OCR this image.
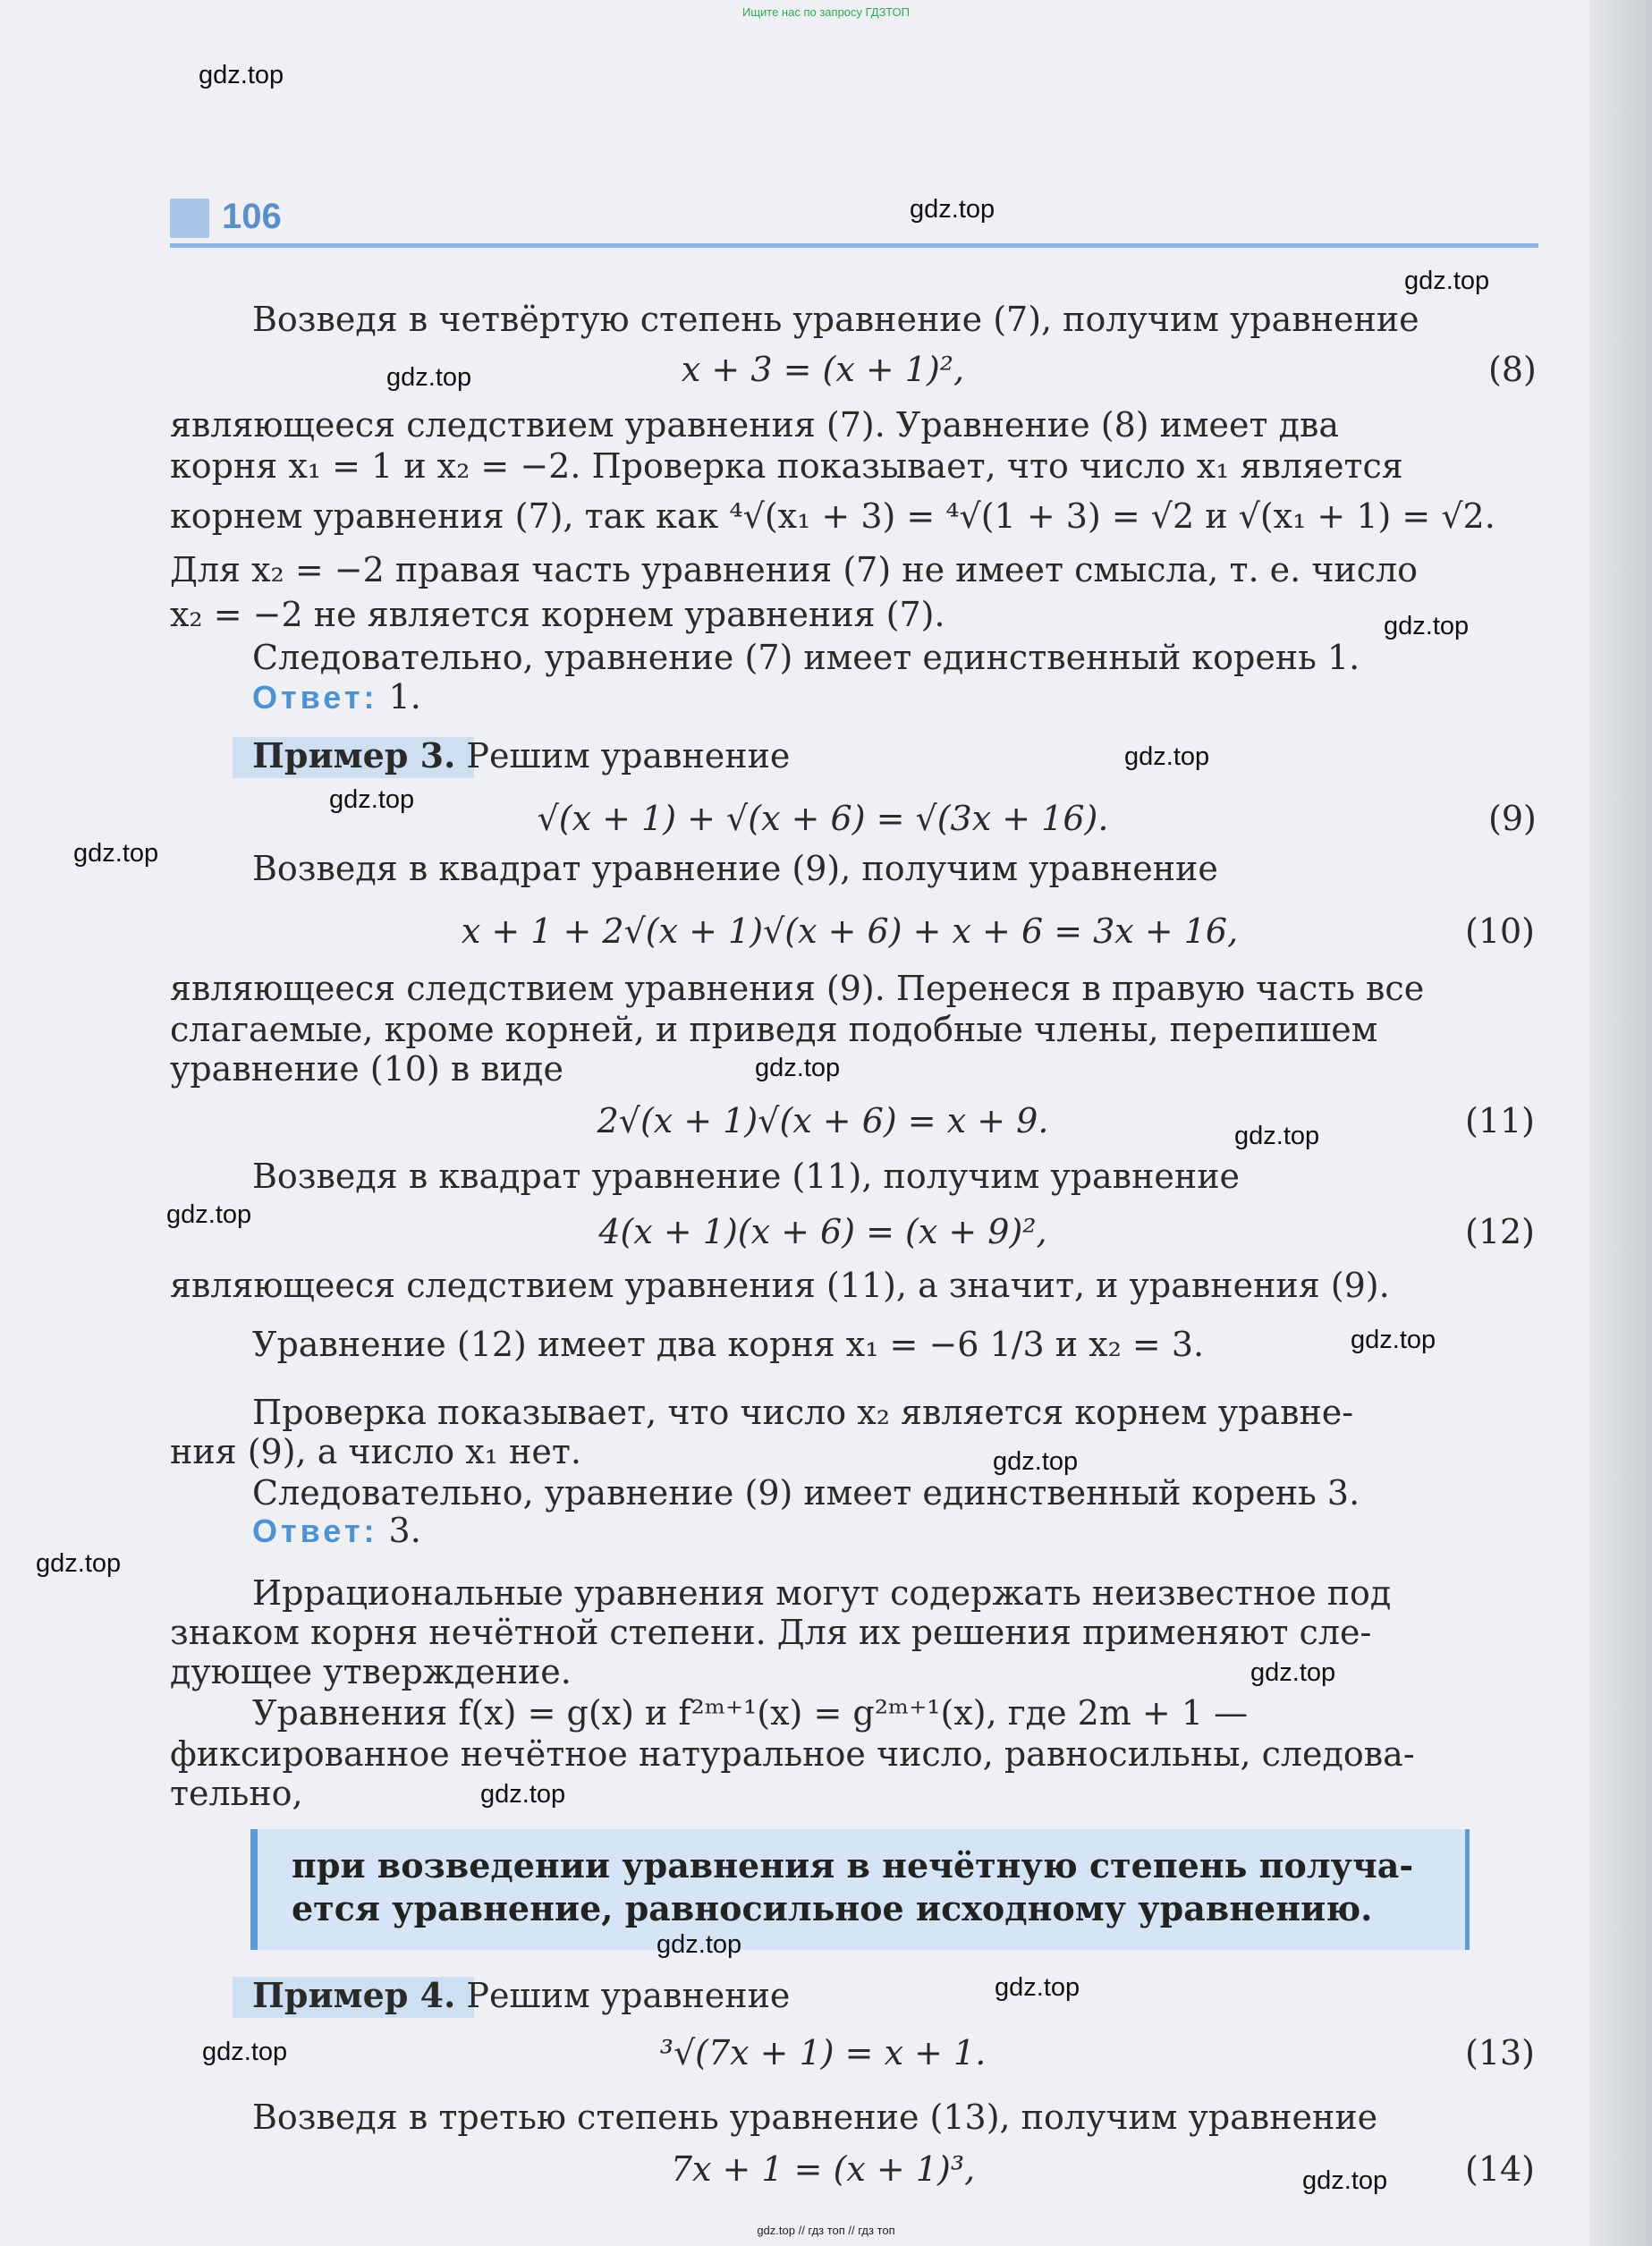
Ищите нас по запросу ГДЗТОП

106
Возведя в четвёртую степень уравнение (7), получим уравнение
x + 3 = (x + 1)²,	(8)
являющееся следствием уравнения (7). Уравнение (8) имеет два
корня x₁ = 1 и x₂ = −2. Проверка показывает, что число x₁ является
корнем уравнения (7), так как ⁴√(x₁ + 3) = ⁴√(1 + 3) = √2 и √(x₁ + 1) = √2.
Для x₂ = −2 правая часть уравнения (7) не имеет смысла, т. е. число
x₂ = −2 не является корнем уравнения (7).
Следовательно, уравнение (7) имеет единственный корень 1.
Ответ: 1.
Пример 3. Решим уравнение
√(x + 1) + √(x + 6) = √(3x + 16).	(9)
Возведя в квадрат уравнение (9), получим уравнение
x + 1 + 2√(x + 1)√(x + 6) + x + 6 = 3x + 16,	(10)
являющееся следствием уравнения (9). Перенеся в правую часть все
слагаемые, кроме корней, и приведя подобные члены, перепишем
уравнение (10) в виде
2√(x + 1)√(x + 6) = x + 9.	(11)
Возведя в квадрат уравнение (11), получим уравнение
4(x + 1)(x + 6) = (x + 9)²,	(12)
являющееся следствием уравнения (11), а значит, и уравнения (9).
Уравнение (12) имеет два корня x₁ = −6 1/3 и x₂ = 3.
Проверка показывает, что число x₂ является корнем уравне-
ния (9), а число x₁ нет.
Следовательно, уравнение (9) имеет единственный корень 3.
Ответ: 3.
Иррациональные уравнения могут содержать неизвестное под
знаком корня нечётной степени. Для их решения применяют сле-
дующее утверждение.
Уравнения f(x) = g(x) и f²ᵐ⁺¹(x) = g²ᵐ⁺¹(x), где 2m + 1 —
фиксированное нечётное натуральное число, равносильны, следова-
тельно,
при возведении уравнения в нечётную степень получа-
ется уравнение, равносильное исходному уравнению.
Пример 4. Решим уравнение
³√(7x + 1) = x + 1.	(13)
Возведя в третью степень уравнение (13), получим уравнение
7x + 1 = (x + 1)³,	(14)
gdz.top
gdz.top
gdz.top
gdz.top
gdz.top
gdz.top
gdz.top
gdz.top
gdz.top
gdz.top
gdz.top
gdz.top
gdz.top
gdz.top
gdz.top
gdz.top
gdz.top
gdz.top
gdz.top
gdz.top
gdz.top // гдз топ // гдз топ
